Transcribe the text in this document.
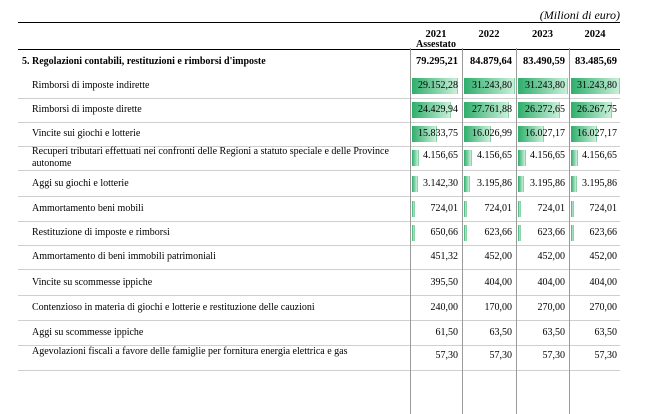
(Milioni di euro)
2021
Assestato
2022	2023	2024
5. Regolazioni contabili, restituzioni e rimborsi d'imposte	79.295,21 84.879,64 83.490,59 83.485,69
Rimborsi di imposte indirette	29.152,28 31.243,80 31.243,80 31.243,80
Rimborsi di imposte dirette	24.429,94 27.761,88 26.272,65 26.267,75
Vincite sui giochi e lotterie	15.833,75 16.026,99 16.027,17 16.027,17
Recuperi tributari effettuati nei confronti delle Regioni a statuto speciale e delle Province autonome
4.156,65 4.156,65 4.156,65 4.156,65
Aggi su giochi e lotterie	3.142,30 3.195,86 3.195,86 3.195,86
Ammortamento beni mobili	724,01	724,01	724,01 724,01
Restituzione di imposte e rimborsi	650,66	623,66	623,66 623,66
Ammortamento di beni immobili patrimoniali	451,32	452,00	452,00 452,00
Vincite su scommesse ippiche	395,50	404,00	404,00 404,00
Contenzioso in materia di giochi e lotterie e restituzione delle cauzioni	240,00	170,00	270,00 270,00
Aggi su scommesse ippiche	61,50	63,50	63,50	63,50
Agevolazioni fiscali a favore delle famiglie per fornitura energia elettrica e gas	57,30	57,30	57,30	57,30
